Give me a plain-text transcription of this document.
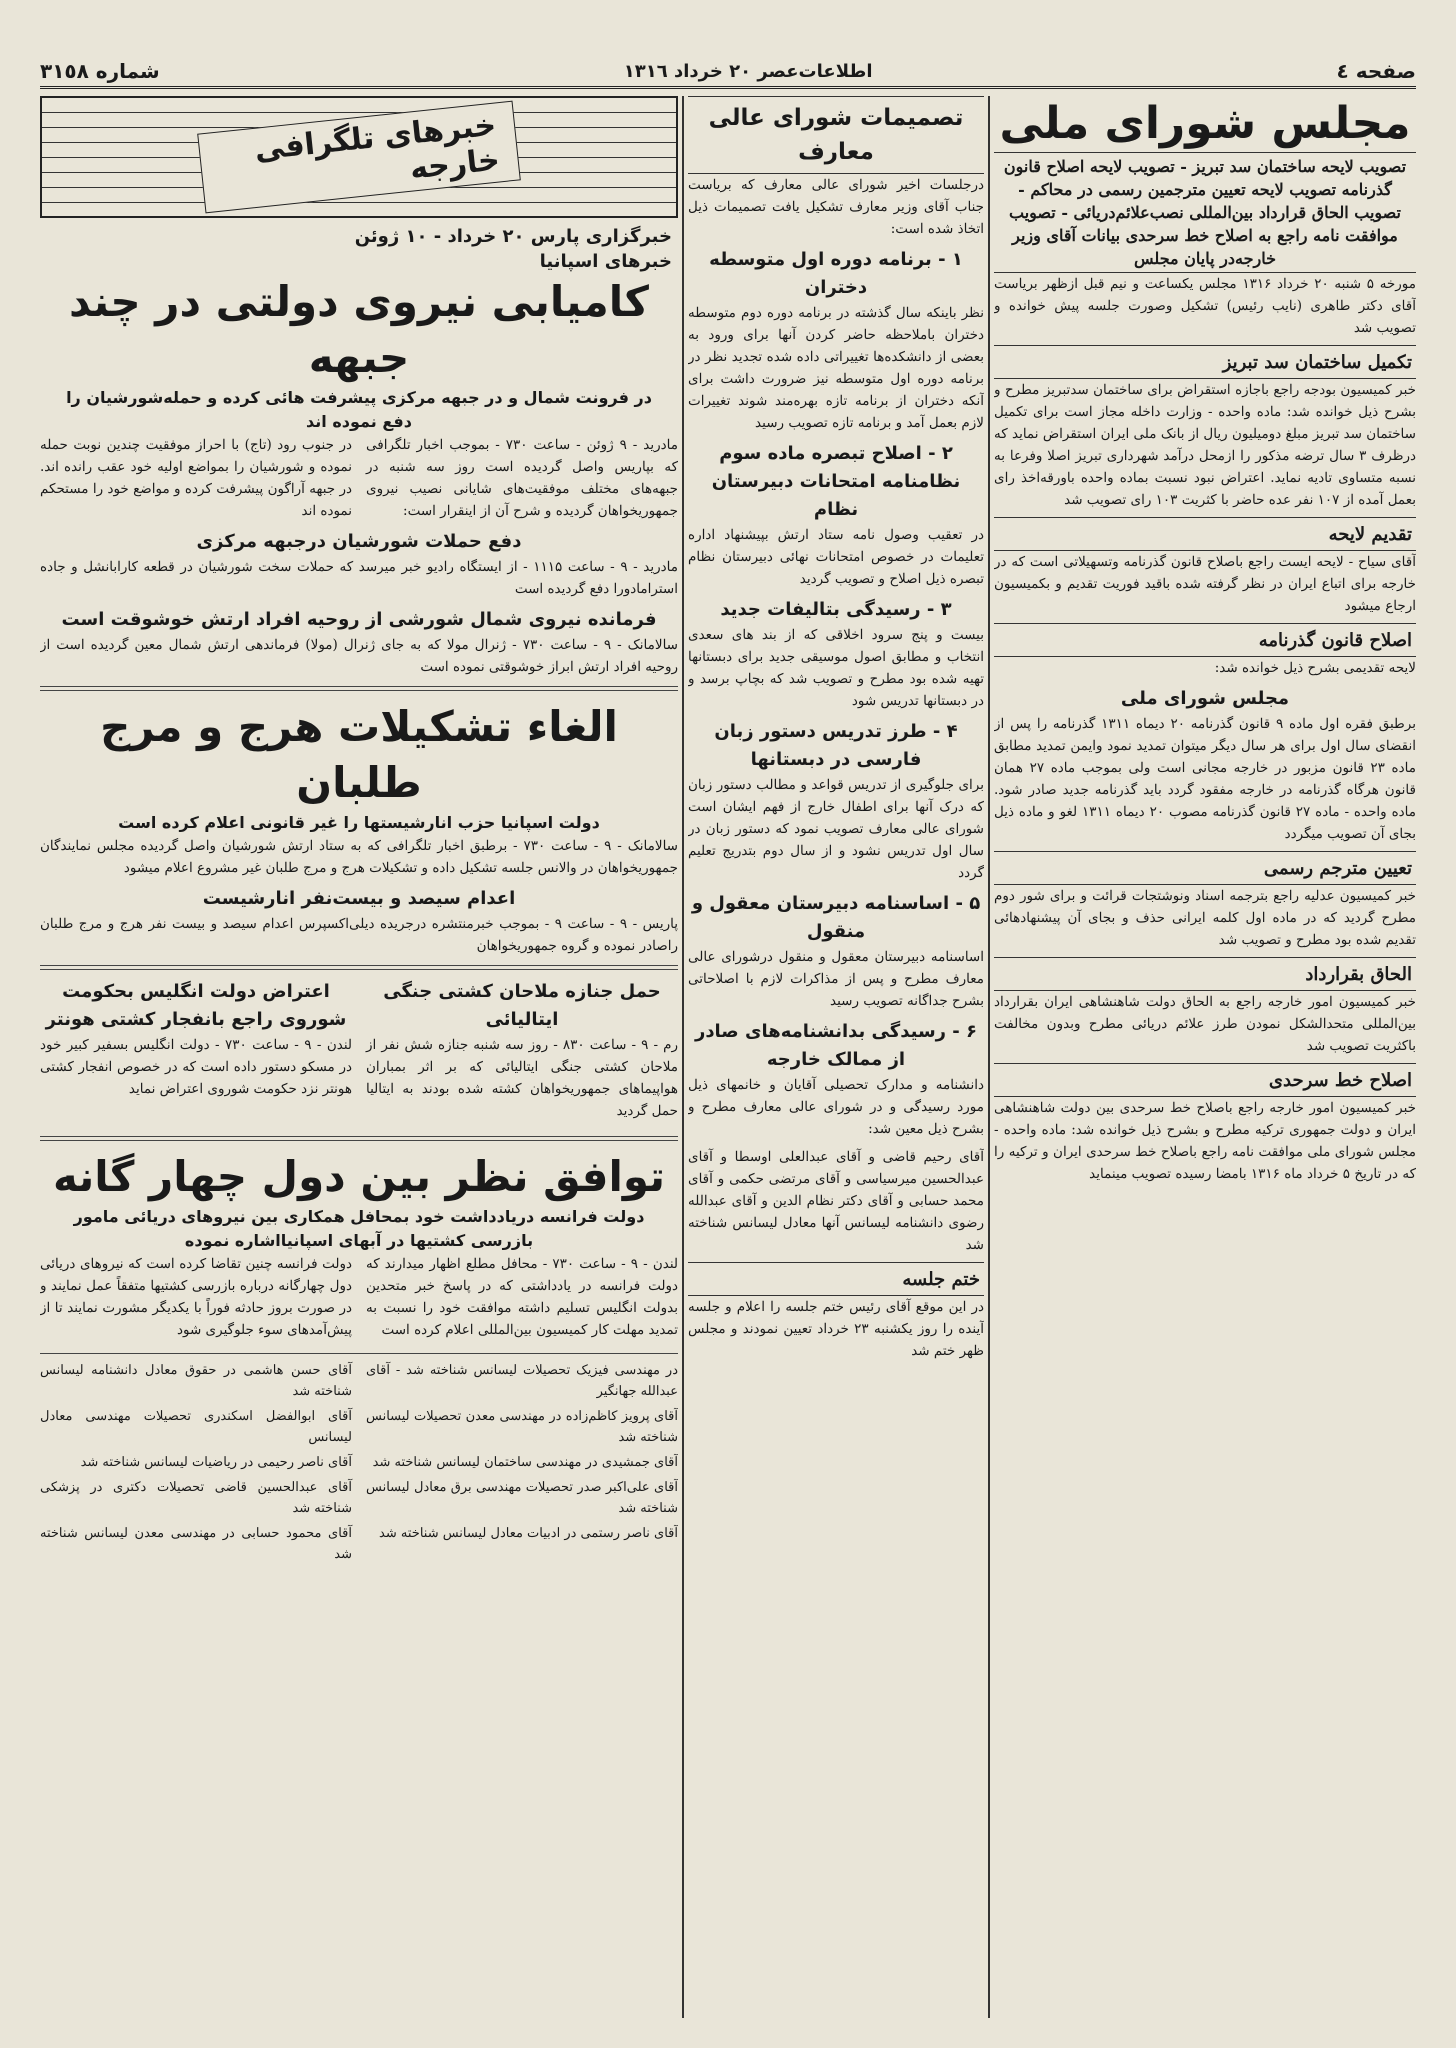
صفحه ٤
اطلاعات‌عصر ٢٠ خرداد ١٣١٦
شماره ٣١٥٨
مجلس شورای ملی
تصویب لایحه ساختمان سد تبریز - تصویب لایحه اصلاح قانون گذرنامه تصویب لایحه تعیین مترجمین رسمی در محاکم - تصویب الحاق قرارداد بین‌المللی نصب‌علائم‌دریائی - تصویب موافقت نامه راجع به اصلاح خط سرحدی بیانات آقای وزیر خارجه‌در پایان مجلس

مورخه ۵ شنبه ۲۰ خرداد ۱۳۱۶ مجلس یکساعت و نیم قبل ازظهر بریاست آقای دکتر طاهری (نایب رئیس) تشکیل وصورت جلسه پیش خوانده و تصویب شد

تکمیل ساختمان سد تبریز

خبر کمیسیون بودجه راجع باجازه استقراض برای ساختمان سدتبریز مطرح و بشرح ذیل خوانده شد: ماده واحده - وزارت داخله مجاز است برای تکمیل ساختمان سد تبریز مبلغ دومیلیون ریال از بانک ملی ایران استقراض نماید که درظرف ۳ سال ترضه مذکور را ازمحل درآمد شهرداری تبریز اصلا وفرعا به نسبه متساوی تادیه نماید. اعتراض نبود نسبت بماده واحده باورقه‌اخذ رای بعمل آمده از ۱۰۷ نفر عده حاضر با کثریت ۱۰۳ رای تصویب شد

تقدیم لایحه

آقای سیاح - لایحه ایست راجع باصلاح قانون گذرنامه وتسهیلاتی است که در خارجه برای اتباع ایران در نظر گرفته شده باقید فوریت تقدیم و بکمیسیون ارجاع میشود

اصلاح قانون گذرنامه

لایحه تقدیمی بشرح ذیل خوانده شد:

مجلس شورای ملی

برطبق فقره اول ماده ۹ قانون گذرنامه ۲۰ دیماه ۱۳۱۱ گذرنامه را پس از انقضای سال اول برای هر سال دیگر میتوان تمدید نمود وایمن تمدید مطابق ماده ۲۳ قانون مزبور در خارجه مجانی است ولی بموجب ماده ۲۷ همان قانون هرگاه گذرنامه در خارجه مفقود گردد باید گذرنامه جدید صادر شود. ماده واحده - ماده ۲۷ قانون گذرنامه مصوب ۲۰ دیماه ۱۳۱۱ لغو و ماده ذیل بجای آن تصویب میگردد

تعیین مترجم رسمی

خبر کمیسیون عدلیه راجع بترجمه اسناد ونوشتجات قرائت و برای شور دوم مطرح گردید که در ماده اول کلمه ایرانی حذف و بجای آن پیشنهادهائی تقدیم شده بود مطرح و تصویب شد

الحاق بقرارداد

خبر کمیسیون امور خارجه راجع به الحاق دولت شاهنشاهی ایران بقرارداد بین‌المللی متحدالشکل نمودن طرز علائم دریائی مطرح وبدون مخالفت باکثریت تصویب شد

اصلاح خط سرحدی

خبر کمیسیون امور خارجه راجع باصلاح خط سرحدی بین دولت شاهنشاهی ایران و دولت جمهوری ترکیه مطرح و بشرح ذیل خوانده شد: ماده واحده - مجلس شورای ملی موافقت نامه راجع باصلاح خط سرحدی ایران و ترکیه را که در تاریخ ۵ خرداد ماه ۱۳۱۶ بامضا رسیده تصویب مینماید

تصمیمات شورای عالی معارف

درجلسات اخیر شورای عالی معارف که بریاست جناب آقای وزیر معارف تشکیل یافت تصمیمات ذیل اتخاذ شده است:

۱ - برنامه دوره اول متوسطه دختران

نظر باینکه سال گذشته در برنامه دوره دوم متوسطه دختران باملاحظه حاضر کردن آنها برای ورود به بعضی از دانشکده‌ها تغییراتی داده شده تجدید نظر در برنامه دوره اول متوسطه نیز ضرورت داشت برای آنکه دختران از برنامه تازه بهره‌مند شوند تغییرات لازم بعمل آمد و برنامه تازه تصویب رسید

۲ - اصلاح تبصره ماده سوم نظامنامه امتحانات دبیرستان نظام

در تعقیب وصول نامه ستاد ارتش بپیشنهاد اداره تعلیمات در خصوص امتحانات نهائی دبیرستان نظام تبصره ذیل اصلاح و تصویب گردید

۳ - رسیدگی بتالیفات جدید

بیست و پنج سرود اخلاقی که از بند های سعدی انتخاب و مطابق اصول موسیقی جدید برای دبستانها تهیه شده بود مطرح و تصویب شد که بچاپ برسد و در دبستانها تدریس شود

۴ - طرز تدریس دستور زبان فارسی در دبستانها

برای جلوگیری از تدریس قواعد و مطالب دستور زبان که درک آنها برای اطفال خارج از فهم ایشان است شورای عالی معارف تصویب نمود که دستور زبان در سال اول تدریس نشود و از سال دوم بتدریج تعلیم گردد

۵ - اساسنامه دبیرستان معقول و منقول

اساسنامه دبیرستان معقول و منقول درشورای عالی معارف مطرح و پس از مذاکرات لازم با اصلاحاتی بشرح جداگانه تصویب رسید

۶ - رسیدگی بدانشنامه‌های صادر از ممالک خارجه

دانشنامه و مدارک تحصیلی آقایان و خانمهای ذیل مورد رسیدگی و در شورای عالی معارف مطرح و بشرح ذیل معین شد:

آقای رحیم قاضی و آقای عبدالعلی اوسطا و آقای عبدالحسین میرسیاسی و آقای مرتضی حکمی و آقای محمد حسابی و آقای دکتر نظام الدین و آقای عبدالله رضوی دانشنامه لیسانس آنها معادل لیسانس شناخته شد

ختم جلسه

در این موقع آقای رئیس ختم جلسه را اعلام و جلسه آینده را روز یکشنبه ۲۳ خرداد تعیین نمودند و مجلس ظهر ختم شد

خبرهای تلگرافی خارجه
خبرگزاری پارس ۲۰ خرداد - ۱۰ ژوئن
خبرهای اسپانیا
کامیابی نیروی دولتی در چند جبهه
در فرونت شمال و در جبهه مرکزی پیشرفت هائی کرده و حمله‌شورشیان را دفع نموده اند

مادرید - ۹ ژوئن - ساعت ۷۳۰ - بموجب اخبار تلگرافی که بپاریس واصل گردیده است روز سه شنبه در جبهه‌های مختلف موفقیت‌های شایانی نصیب نیروی جمهوریخواهان گردیده و شرح آن از اینقرار است:

در جنوب رود (تاج) با احراز موفقیت چندین نوبت حمله نموده و شورشیان را بمواضع اولیه خود عقب رانده اند. در جبهه آراگون پیشرفت کرده و مواضع خود را مستحکم نموده اند

دفع حملات شورشیان درجبهه مرکزی

مادرید - ۹ - ساعت ۱۱۱۵ - از ایستگاه رادیو خبر میرسد که حملات سخت شورشیان در قطعه کارابانشل و جاده استرامادورا دفع گردیده است

فرمانده نیروی شمال شورشی از روحیه افراد ارتش خوشوقت است

سالامانک - ۹ - ساعت ۷۳۰ - ژنرال مولا که به جای ژنرال (مولا) فرماندهی ارتش شمال معین گردیده است از روحیه افراد ارتش ابراز خوشوقتی نموده است

الغاء تشکیلات هرج و مرج طلبان
دولت اسپانیا حزب انارشیستها را غیر قانونی اعلام کرده است

سالامانک - ۹ - ساعت ۷۳۰ - برطبق اخبار تلگرافی که به ستاد ارتش شورشیان واصل گردیده مجلس نمایندگان جمهوریخواهان در والانس جلسه تشکیل داده و تشکیلات هرج و مرج طلبان غیر مشروع اعلام میشود

اعدام سیصد و بیست‌نفر انارشیست

پاریس - ۹ - ساعت ۹ - بموجب خبرمنتشره درجریده دیلی‌اکسپرس اعدام سیصد و بیست نفر هرج و مرج طلبان راصادر نموده و گروه جمهوریخواهان

حمل جنازه ملاحان کشتی جنگی ایتالیائی

رم - ۹ - ساعت ۸۳۰ - روز سه شنبه جنازه شش نفر از ملاحان کشتی جنگی ایتالیائی که بر اثر بمباران هواپیماهای جمهوریخواهان کشته شده بودند به ایتالیا حمل گردید

اعتراض دولت انگلیس بحکومت شوروی راجع بانفجار کشتی هونتر

لندن - ۹ - ساعت ۷۳۰ - دولت انگلیس بسفیر کبیر خود در مسکو دستور داده است که در خصوص انفجار کشتی هونتر نزد حکومت شوروی اعتراض نماید

توافق نظر بین دول چهار گانه
دولت فرانسه دریادداشت خود بمحافل همکاری بین نیروهای دریائی مامور بازرسی کشتیها در آبهای اسپانیااشاره نموده

لندن - ۹ - ساعت ۷۳۰ - محافل مطلع اظهار میدارند که دولت فرانسه در یادداشتی که در پاسخ خبر متحدین بدولت انگلیس تسلیم داشته موافقت خود را نسبت به تمدید مهلت کار کمیسیون بین‌المللی اعلام کرده است

دولت فرانسه چنین تقاضا کرده است که نیروهای دریائی دول چهارگانه درباره بازرسی کشتیها متفقاً عمل نمایند و در صورت بروز حادثه فوراً با یکدیگر مشورت نمایند تا از پیش‌آمدهای سوء جلوگیری شود

در مهندسی فیزیک تحصیلات لیسانس شناخته شد - آقای عبدالله جهانگیر

آقای پرویز کاظم‌زاده در مهندسی معدن تحصیلات لیسانس شناخته شد

آقای جمشیدی در مهندسی ساختمان لیسانس شناخته شد

آقای علی‌اکبر صدر تحصیلات مهندسی برق معادل لیسانس شناخته شد

آقای ناصر رستمی در ادبیات معادل لیسانس شناخته شد

آقای حسن هاشمی در حقوق معادل دانشنامه لیسانس شناخته شد

آقای ابوالفضل اسکندری تحصیلات مهندسی معادل لیسانس

آقای ناصر رحیمی در ریاضیات لیسانس شناخته شد

آقای عبدالحسین قاضی تحصیلات دکتری در پزشکی شناخته شد

آقای محمود حسابی در مهندسی معدن لیسانس شناخته شد
